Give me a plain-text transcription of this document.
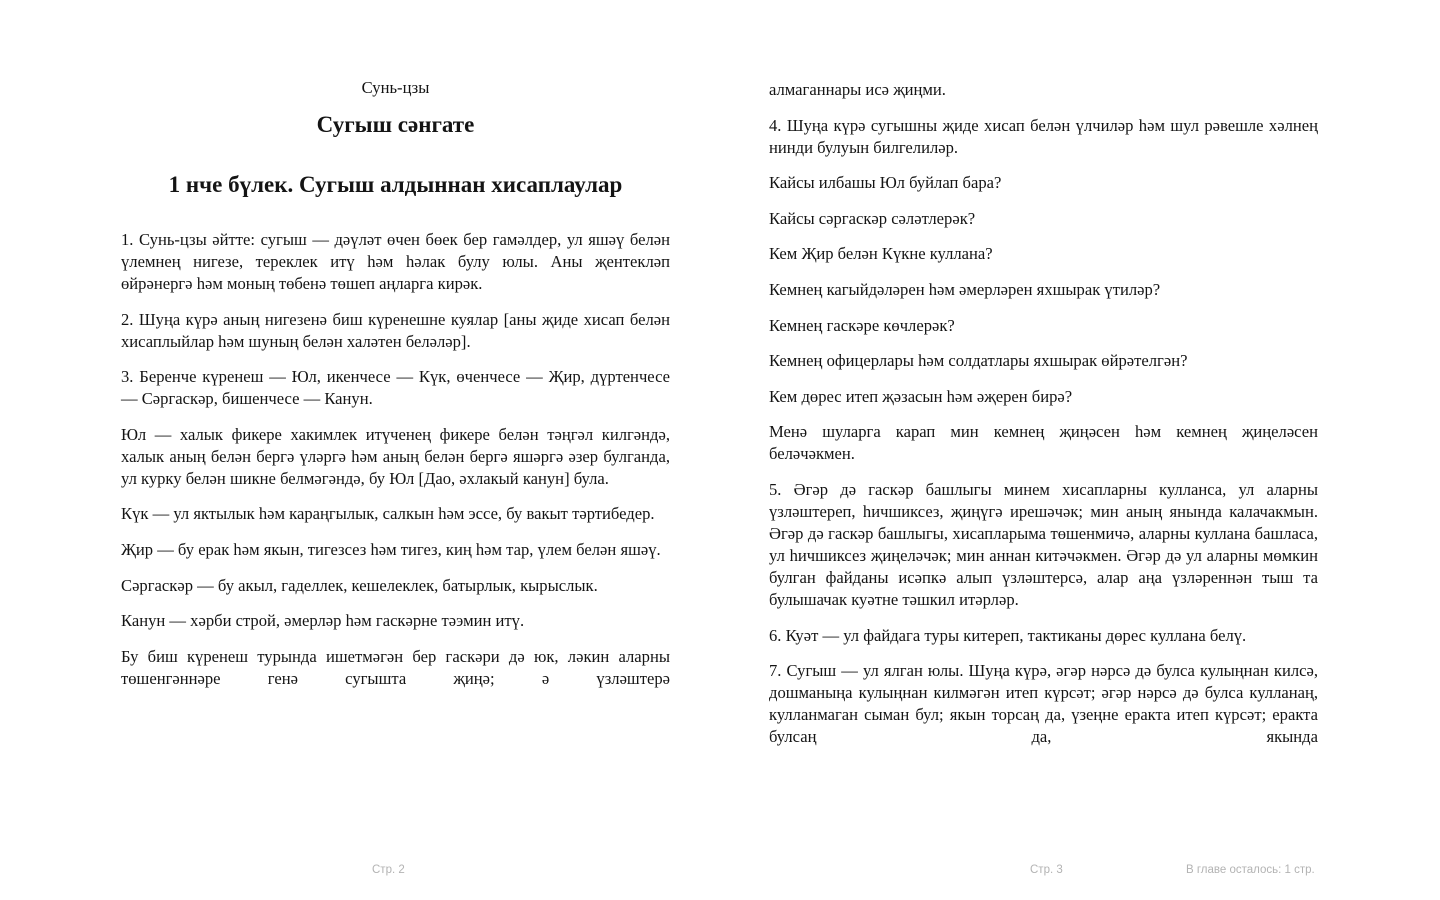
Сунь-цзы
Сугыш сәнгате
1 нче бүлек. Сугыш алдыннан хисаплаулар

1. Сунь-цзы әйтте: сугыш — дәүләт өчен бөек бер гамәлдер, ул яшәү белән үлемнең нигезе, тереклек итү һәм һәлак булу юлы. Аны җентекләп өйрәнергә һәм моның төбенә төшеп аңларга кирәк.

2. Шуңа күрә аның нигезенә биш күренешне куялар [аны җиде хисап белән хисаплыйлар һәм шуның белән халәтен беләләр].

3. Беренче күренеш — Юл, икенчесе — Күк, өченчесе — Җир, дүртенчесе — Сәргаскәр, бишенчесе — Канун.

Юл — халык фикере хакимлек итүченең фикере белән тәңгәл килгәндә, халык аның белән бергә үләргә һәм аның белән бергә яшәргә әзер булганда, ул курку белән шикне белмәгәндә, бу Юл [Дао, әхлакый канун] була.

Күк — ул яктылык һәм караңгылык, салкын һәм эссе, бу вакыт тәртибедер.

Җир — бу ерак һәм якын, тигезсез һәм тигез, киң һәм тар, үлем белән яшәү.

Сәргаскәр — бу акыл, гаделлек, кешелеклек, батырлык, кырыслык.

Канун — хәрби строй, әмерләр һәм гаскәрне тәэмин итү.

Бу биш күренеш турында ишетмәгән бер гаскәри дә юк, ләкин аларны төшенгәннәре генә сугышта җиңә; ә үзләштерә

алмаганнары исә җиңми.

4. Шуңа күрә сугышны җиде хисап белән үлчиләр һәм шул рәвешле хәлнең нинди булуын билгелиләр.

Кайсы илбашы Юл буйлап бара?

Кайсы сәргаскәр сәләтлерәк?

Кем Җир белән Күкне куллана?

Кемнең кагыйдәләрен һәм әмерләрен яхшырак үтиләр?

Кемнең гаскәре көчлерәк?

Кемнең офицерлары һәм солдатлары яхшырак өйрәтелгән?

Кем дөрес итеп җәзасын һәм әҗерен бирә?

Менә шуларга карап мин кемнең җиңәсен һәм кемнең җиңеләсен беләчәкмен.

5. Әгәр дә гаскәр башлыгы минем хисапларны кулланса, ул аларны үзләштереп, һичшиксез, җиңүгә ирешәчәк; мин аның янында калачакмын. Әгәр дә гаскәр башлыгы, хисапларыма төшенмичә, аларны куллана башласа, ул һичшиксез җиңеләчәк; мин аннан китәчәкмен. Әгәр дә ул аларны мөмкин булган файданы исәпкә алып үзләштерсә, алар аңа үзләреннән тыш та булышачак куәтне тәшкил итәрләр.

6. Куәт — ул файдага туры китереп, тактиканы дөрес куллана белү.

7. Сугыш — ул ялган юлы. Шуңа күрә, әгәр нәрсә дә булса кулыңнан килсә, дошманыңа кулыңнан килмәгән итеп күрсәт; әгәр нәрсә дә булса кулланаң, кулланмаган сыман бул; якын торсаң да, үзеңне еракта итеп күрсәт; еракта булсаң да, якында

Стр. 2	Стр. 3	В главе осталось: 1 стр.
